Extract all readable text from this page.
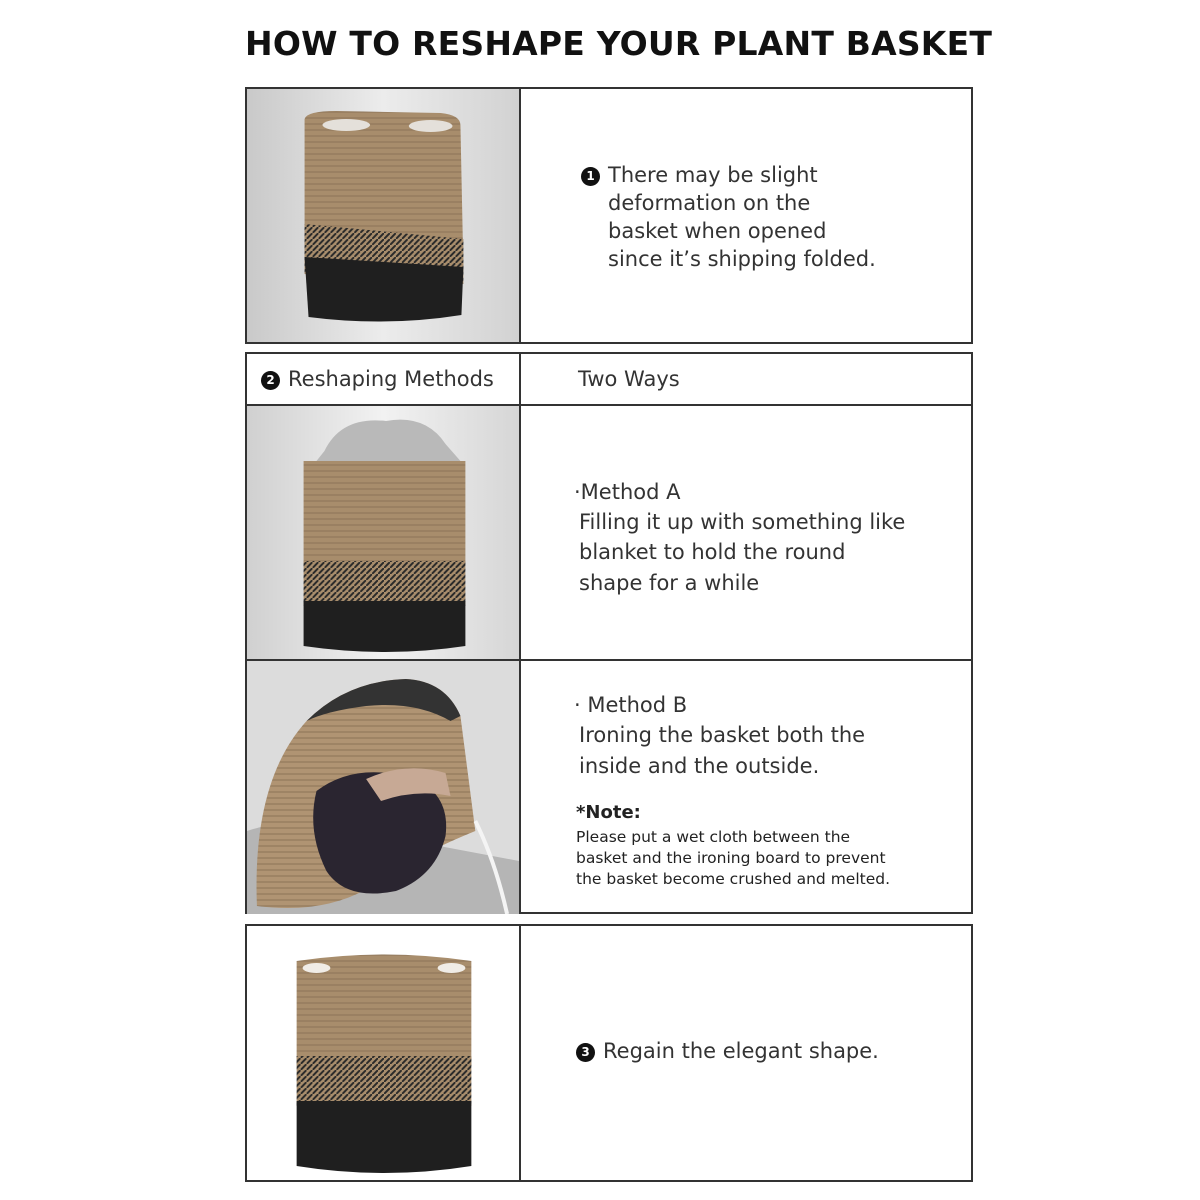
HOW TO RESHAPE YOUR PLANT BASKET
1 There may be slight
deformation on the
basket when opened
since it’s shipping folded.
2 Reshaping Methods	Two Ways
·Method A
Filling it up with something like
blanket to hold the round
shape for a while
· Method B
Ironing the basket both the
inside and the outside.
*Note:
Please put a wet cloth between the
basket and the ironing board to prevent
the basket become crushed and melted.
3 Regain the elegant shape.
